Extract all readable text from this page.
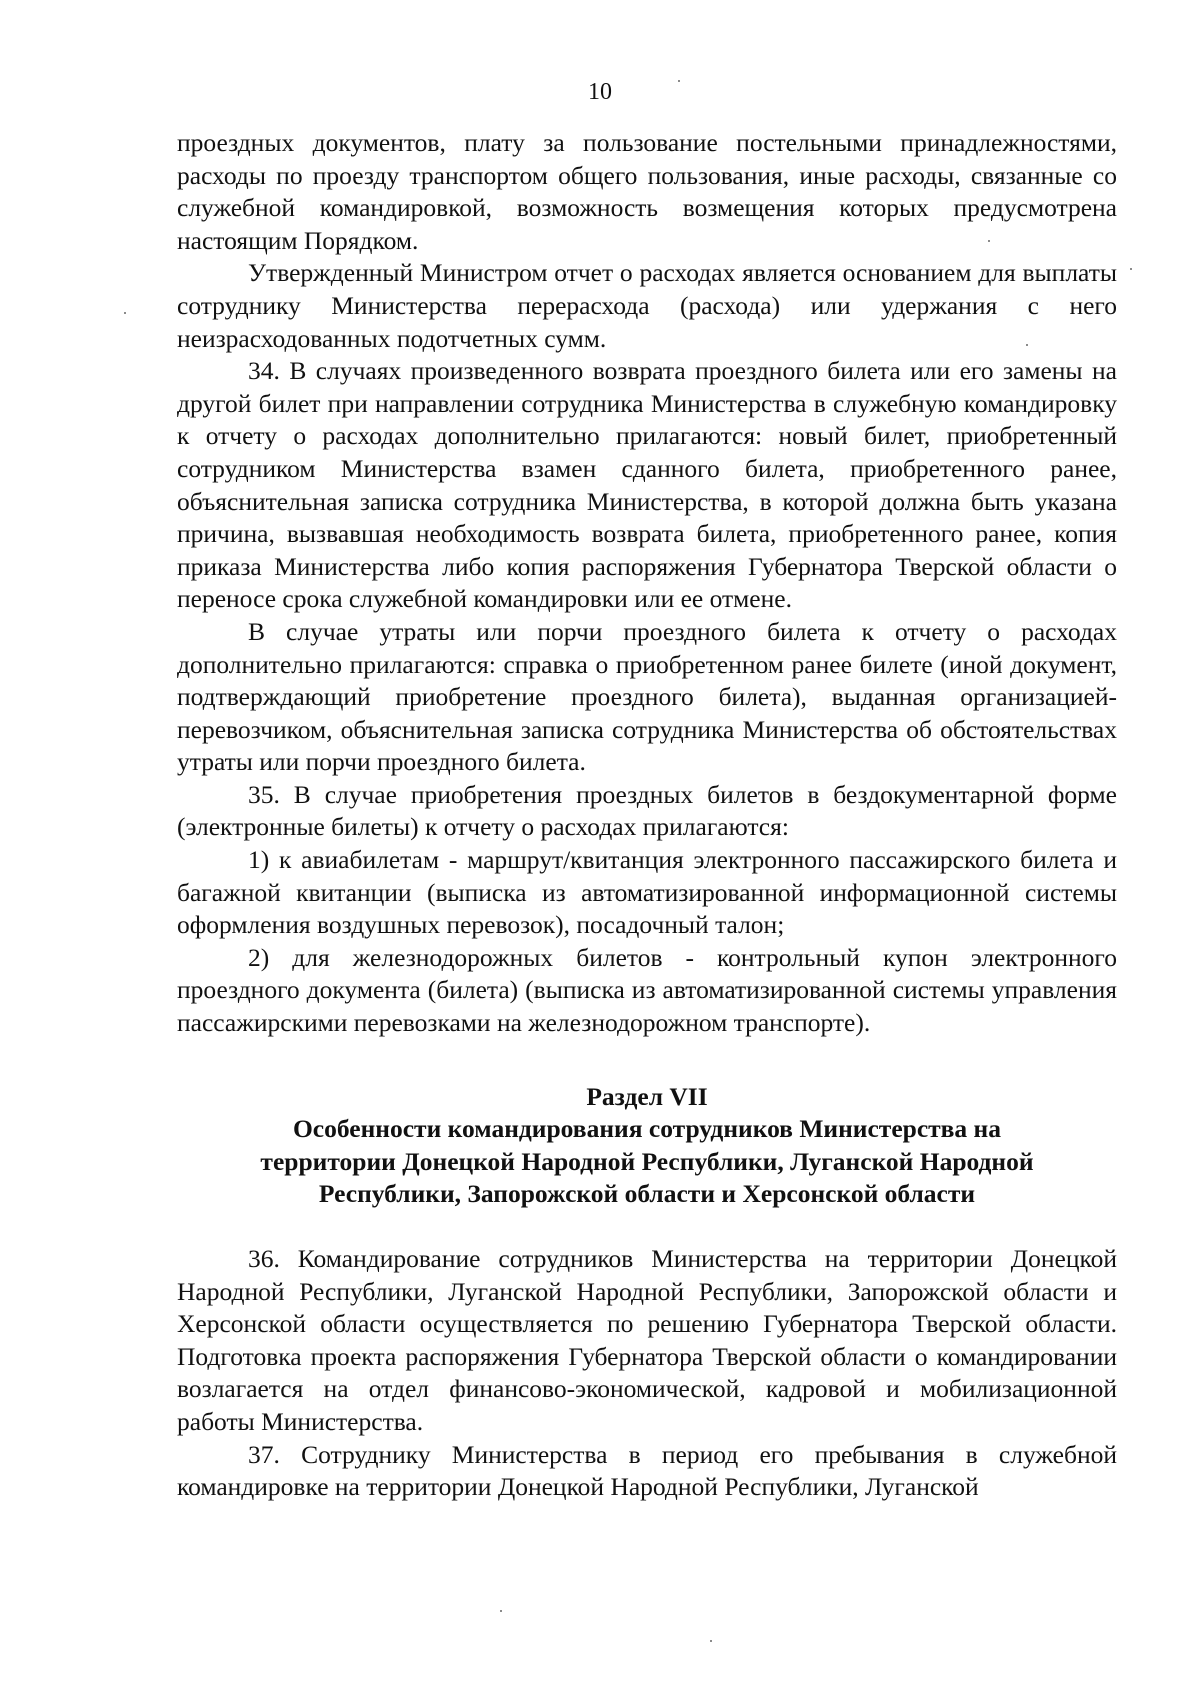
10

проездных документов, плату за пользование постельными принадлежностями, расходы по проезду транспортом общего пользования, иные расходы, связанные со служебной командировкой, возможность возмещения которых предусмотрена настоящим Порядком.

Утвержденный Министром отчет о расходах является основанием для выплаты сотруднику Министерства перерасхода (расхода) или удержания с него неизрасходованных подотчетных сумм.

34. В случаях произведенного возврата проездного билета или его замены на другой билет при направлении сотрудника Министерства в служебную командировку к отчету о расходах дополнительно прилагаются: новый билет, приобретенный сотрудником Министерства взамен сданного билета, приобретенного ранее, объяснительная записка сотрудника Министерства, в которой должна быть указана причина, вызвавшая необходимость возврата билета, приобретенного ранее, копия приказа Министерства либо копия распоряжения Губернатора Тверской области о переносе срока служебной командировки или ее отмене.

В случае утраты или порчи проездного билета к отчету о расходах дополнительно прилагаются: справка о приобретенном ранее билете (иной документ, подтверждающий приобретение проездного билета), выданная организацией-перевозчиком, объяснительная записка сотрудника Министерства об обстоятельствах утраты или порчи проездного билета.

35. В случае приобретения проездных билетов в бездокументарной форме (электронные билеты) к отчету о расходах прилагаются:

1) к авиабилетам - маршрут/квитанция электронного пассажирского билета и багажной квитанции (выписка из автоматизированной информационной системы оформления воздушных перевозок), посадочный талон;

2) для железнодорожных билетов - контрольный купон электронного проездного документа (билета) (выписка из автоматизированной системы управления пассажирскими перевозками на железнодорожном транспорте).

Раздел VII
Особенности командирования сотрудников Министерства на
территории Донецкой Народной Республики, Луганской Народной
Республики, Запорожской области и Херсонской области

36. Командирование сотрудников Министерства на территории Донецкой Народной Республики, Луганской Народной Республики, Запорожской области и Херсонской области осуществляется по решению Губернатора Тверской области. Подготовка проекта распоряжения Губернатора Тверской области о командировании возлагается на отдел финансово-экономической, кадровой и мобилизационной работы Министерства.

37. Сотруднику Министерства в период его пребывания в служебной командировке на территории Донецкой Народной Республики, Луганской
